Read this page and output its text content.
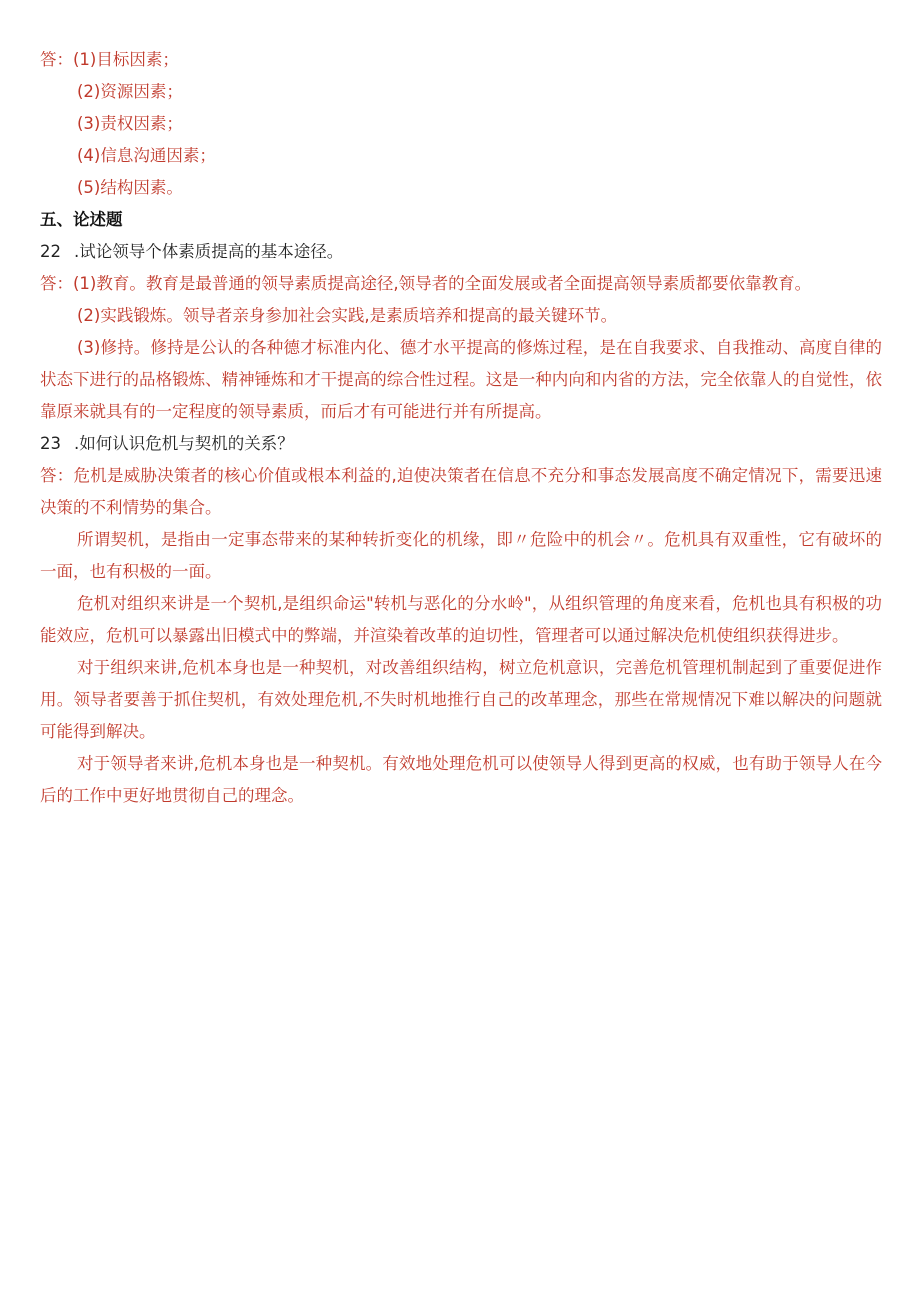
答：(1)目标因素；
(2)资源因素；
(3)责权因素；
(4)信息沟通因素；
(5)结构因素。
五、论述题
22 .试论领导个体素质提高的基本途径。
答：(1)教育。教育是最普通的领导素质提高途径,领导者的全面发展或者全面提高领导素质都要依靠教育。
(2)实践锻炼。领导者亲身参加社会实践,是素质培养和提高的最关键环节。
(3)修持。修持是公认的各种德才标准内化、德才水平提高的修炼过程，是在自我要求、自我推动、高度自律的状态下进行的品格锻炼、精神锤炼和才干提高的综合性过程。这是一种内向和内省的方法，完全依靠人的自觉性，依靠原来就具有的一定程度的领导素质，而后才有可能进行并有所提高。
23 .如何认识危机与契机的关系？
答：危机是威胁决策者的核心价值或根本利益的,迫使决策者在信息不充分和事态发展高度不确定情况下，需要迅速决策的不利情势的集合。
所谓契机，是指由一定事态带来的某种转折变化的机缘，即〃危险中的机会〃。危机具有双重性，它有破坏的一面，也有积极的一面。
危机对组织来讲是一个契机,是组织命运"转机与恶化的分水岭"，从组织管理的角度来看，危机也具有积极的功能效应，危机可以暴露出旧模式中的弊端，并渲染着改革的迫切性，管理者可以通过解决危机使组织获得进步。
对于组织来讲,危机本身也是一种契机，对改善组织结构，树立危机意识，完善危机管理机制起到了重要促进作用。领导者要善于抓住契机，有效处理危机,不失时机地推行自己的改革理念，那些在常规情况下难以解决的问题就可能得到解决。
对于领导者来讲,危机本身也是一种契机。有效地处理危机可以使领导人得到更高的权威，也有助于领导人在今后的工作中更好地贯彻自己的理念。
